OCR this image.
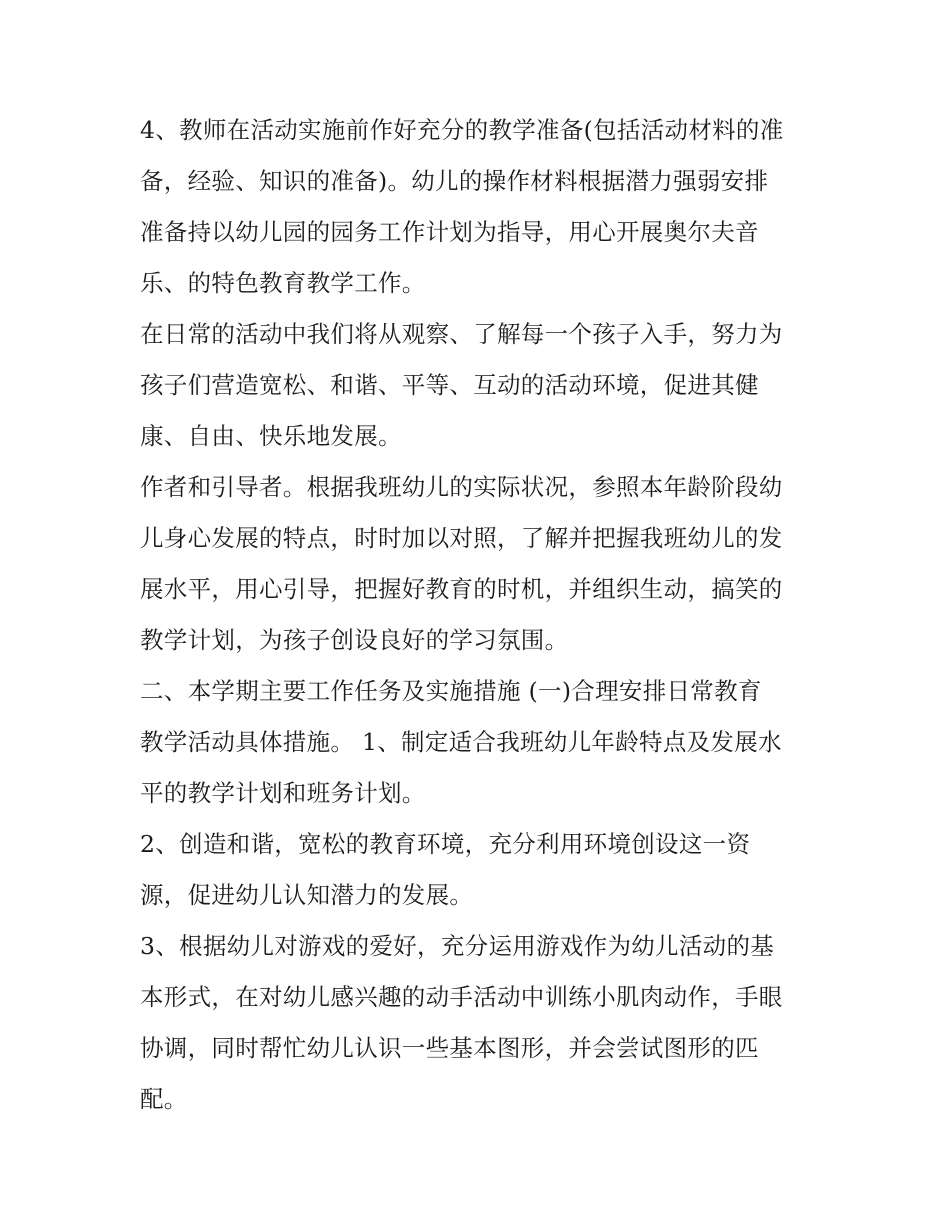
4、教师在活动实施前作好充分的教学准备(包括活动材料的准
备，经验、知识的准备)。幼儿的操作材料根据潜力强弱安排
准备持以幼儿园的园务工作计划为指导，用心开展奥尔夫音
乐、的特色教育教学工作。
在日常的活动中我们将从观察、了解每一个孩子入手，努力为
孩子们营造宽松、和谐、平等、互动的活动环境，促进其健
康、自由、快乐地发展。
作者和引导者。根据我班幼儿的实际状况，参照本年龄阶段幼
儿身心发展的特点，时时加以对照，了解并把握我班幼儿的发
展水平，用心引导，把握好教育的时机，并组织生动，搞笑的
教学计划，为孩子创设良好的学习氛围。
二、本学期主要工作任务及实施措施 (一)合理安排日常教育
教学活动具体措施。 1、制定适合我班幼儿年龄特点及发展水
平的教学计划和班务计划。
2、创造和谐，宽松的教育环境，充分利用环境创设这一资
源，促进幼儿认知潜力的发展。
3、根据幼儿对游戏的爱好，充分运用游戏作为幼儿活动的基
本形式，在对幼儿感兴趣的动手活动中训练小肌肉动作，手眼
协调，同时帮忙幼儿认识一些基本图形，并会尝试图形的匹
配。
